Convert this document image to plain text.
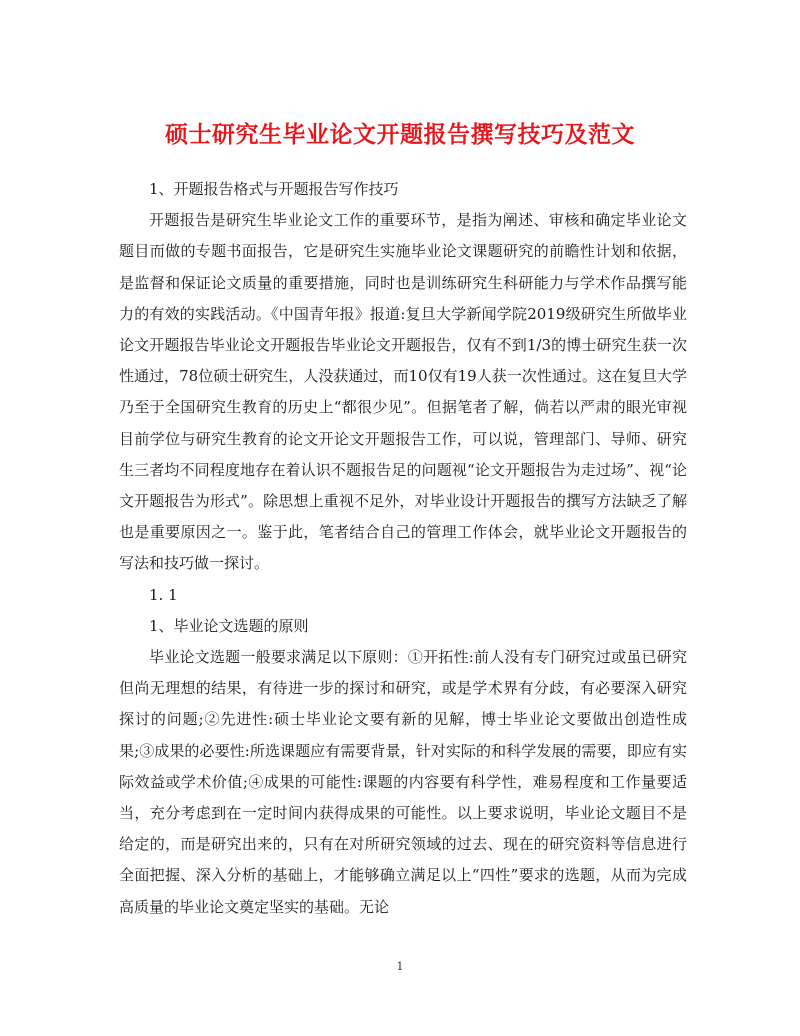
硕士研究生毕业论文开题报告撰写技巧及范文

1、开题报告格式与开题报告写作技巧

开题报告是研究生毕业论文工作的重要环节，是指为阐述、审核和确定毕业论文题目而做的专题书面报告，它是研究生实施毕业论文课题研究的前瞻性计划和依据，是监督和保证论文质量的重要措施，同时也是训练研究生科研能力与学术作品撰写能力的有效的实践活动。《中国青年报》报道:复旦大学新闻学院2019级研究生所做毕业论文开题报告毕业论文开题报告毕业论文开题报告，仅有不到1/3的博士研究生获一次性通过，78位硕士研究生，人没获通过，而10仅有19人获一次性通过。这在复旦大学乃至于全国研究生教育的历史上“都很少见”。但据笔者了解，倘若以严肃的眼光审视目前学位与研究生教育的论文开论文开题报告工作，可以说，管理部门、导师、研究生三者均不同程度地存在着认识不题报告足的问题视“论文开题报告为走过场”、视“论文开题报告为形式”。除思想上重视不足外，对毕业设计开题报告的撰写方法缺乏了解也是重要原因之一。鉴于此，笔者结合自己的管理工作体会，就毕业论文开题报告的写法和技巧做一探讨。

1. 1

1、毕业论文选题的原则

毕业论文选题一般要求满足以下原则：①开拓性:前人没有专门研究过或虽已研究但尚无理想的结果，有待进一步的探讨和研究，或是学术界有分歧，有必要深入研究探讨的问题;②先进性:硕士毕业论文要有新的见解，博士毕业论文要做出创造性成果;③成果的必要性:所选课题应有需要背景，针对实际的和科学发展的需要，即应有实际效益或学术价值;④成果的可能性:课题的内容要有科学性，难易程度和工作量要适当，充分考虑到在一定时间内获得成果的可能性。以上要求说明，毕业论文题目不是给定的，而是研究出来的，只有在对所研究领域的过去、现在的研究资料等信息进行全面把握、深入分析的基础上，才能够确立满足以上“四性”要求的选题，从而为完成高质量的毕业论文奠定坚实的基础。无论

1
